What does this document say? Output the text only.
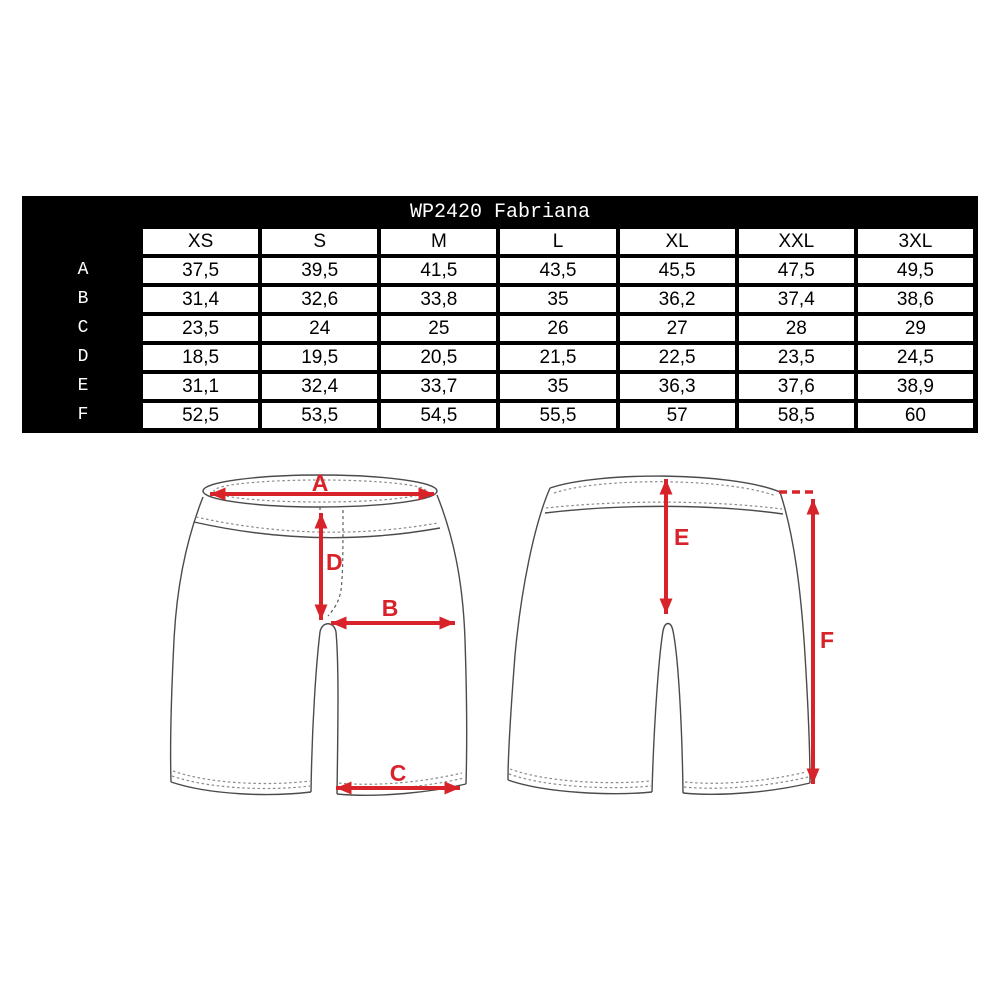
WP2420 Fabriana
XS	S	M	L	XL	XXL	3XL
A	37,5	39,5	41,5	43,5	45,5	47,5	49,5
B	31,4	32,6	33,8	35	36,2	37,4	38,6
C	23,5	24	25	26	27	28	29
D	18,5	19,5	20,5	21,5	22,5	23,5	24,5
E	31,1	32,4	33,7	35	36,3	37,6	38,9
F	52,5	53,5	54,5	55,5	57	58,5	60
A
D
B
C
E
F
